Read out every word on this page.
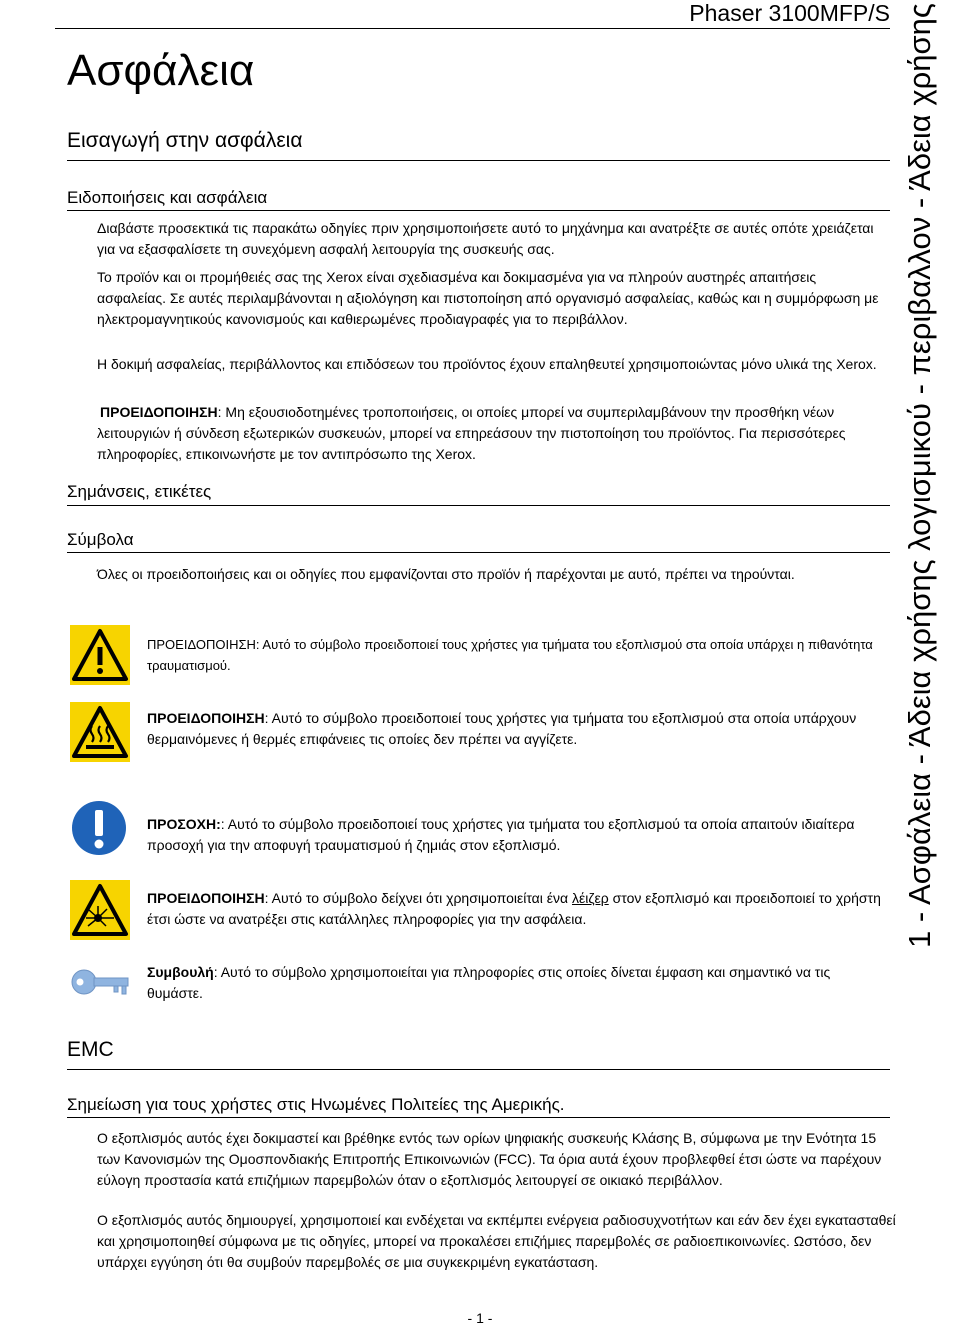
Phaser 3100MFP/S 1 - Ασφάλεια - Άδεια χρήσης λογισμικού - περιβαλλον - Άδεια χρήσης
Ασφάλεια
Εισαγωγή στην ασφάλεια
Ειδοποιήσεις και ασφάλεια
Διαβάστε προσεκτικά τις παρακάτω οδηγίες πριν χρησιμοποιήσετε αυτό το μηχάνημα και ανατρέξτε σε αυτές οπότε χρειάζεται για να εξασφαλίσετε τη συνεχόμενη ασφαλή λειτουργία της συσκευής σας.
Το προϊόν και οι προμήθειές σας της Xerox είναι σχεδιασμένα και δοκιμασμένα για να πληρούν αυστηρές απαιτήσεις ασφαλείας. Σε αυτές περιλαμβάνονται η αξιολόγηση και πιστοποίηση από οργανισμό ασφαλείας, καθώς και η συμμόρφωση με ηλεκτρομαγνητικούς κανονισμούς και καθιερωμένες προδιαγραφές για το περιβάλλον.
Η δοκιμή ασφαλείας, περιβάλλοντος και επιδόσεων του προϊόντος έχουν επαληθευτεί χρησιμοποιώντας μόνο υλικά της Xerox.
ΠΡΟΕΙΔΟΠΟΙΗΣΗ: Μη εξουσιοδοτημένες τροποποιήσεις, οι οποίες μπορεί να συμπεριλαμβάνουν την προσθήκη νέων λειτουργιών ή σύνδεση εξωτερικών συσκευών, μπορεί να επηρεάσουν την πιστοποίηση του προϊόντος. Για περισσότερες πληροφορίες, επικοινωνήστε με τον αντιπρόσωπο της Xerox.
Σημάνσεις, ετικέτες
Σύμβολα
Όλες οι προειδοποιήσεις και οι οδηγίες που εμφανίζονται στο προϊόν ή παρέχονται με αυτό, πρέπει να τηρούνται.
ΠΡΟΕΙΔΟΠΟΙΗΣΗ: Αυτό το σύμβολο προειδοποιεί τους χρήστες για τμήματα του εξοπλισμού στα οποία υπάρχει η πιθανότητα τραυματισμού.
ΠΡΟΕΙΔΟΠΟΙΗΣΗ: Αυτό το σύμβολο προειδοποιεί τους χρήστες για τμήματα του εξοπλισμού στα οποία υπάρχουν θερμαινόμενες ή θερμές επιφάνειες τις οποίες δεν πρέπει να αγγίζετε.
ΠΡΟΣΟΧΗ:: Αυτό το σύμβολο προειδοποιεί τους χρήστες για τμήματα του εξοπλισμού τα οποία απαιτούν ιδιαίτερα προσοχή για την αποφυγή τραυματισμού ή ζημιάς στον εξοπλισμό.
ΠΡΟΕΙΔΟΠΟΙΗΣΗ: Αυτό το σύμβολο δείχνει ότι χρησιμοποιείται ένα λέιζερ στον εξοπλισμό και προειδοποιεί το χρήστη έτσι ώστε να ανατρέξει στις κατάλληλες πληροφορίες για την ασφάλεια.
Συμβουλή: Αυτό το σύμβολο χρησιμοποιείται για πληροφορίες στις οποίες δίνεται έμφαση και σημαντικό να τις θυμάστε.
EMC
Σημείωση για τους χρήστες στις Ηνωμένες Πολιτείες της Αμερικής.
Ο εξοπλισμός αυτός έχει δοκιμαστεί και βρέθηκε εντός των ορίων ψηφιακής συσκευής Κλάσης B, σύμφωνα με την Ενότητα 15 των Κανονισμών της Ομοσπονδιακής Επιτροπής Επικοινωνιών (FCC). Τα όρια αυτά έχουν προβλεφθεί έτσι ώστε να παρέχουν εύλογη προστασία κατά επιζήμιων παρεμβολών όταν ο εξοπλισμός λειτουργεί σε οικιακό περιβάλλον.
Ο εξοπλισμός αυτός δημιουργεί, χρησιμοποιεί και ενδέχεται να εκπέμπει ενέργεια ραδιοσυχνοτήτων και εάν δεν έχει εγκατασταθεί και χρησιμοποιηθεί σύμφωνα με τις οδηγίες, μπορεί να προκαλέσει επιζήμιες παρεμβολές σε ραδιοεπικοινωνίες. Ωστόσο, δεν υπάρχει εγγύηση ότι θα συμβούν παρεμβολές σε μια συγκεκριμένη εγκατάσταση.
- 1 -
